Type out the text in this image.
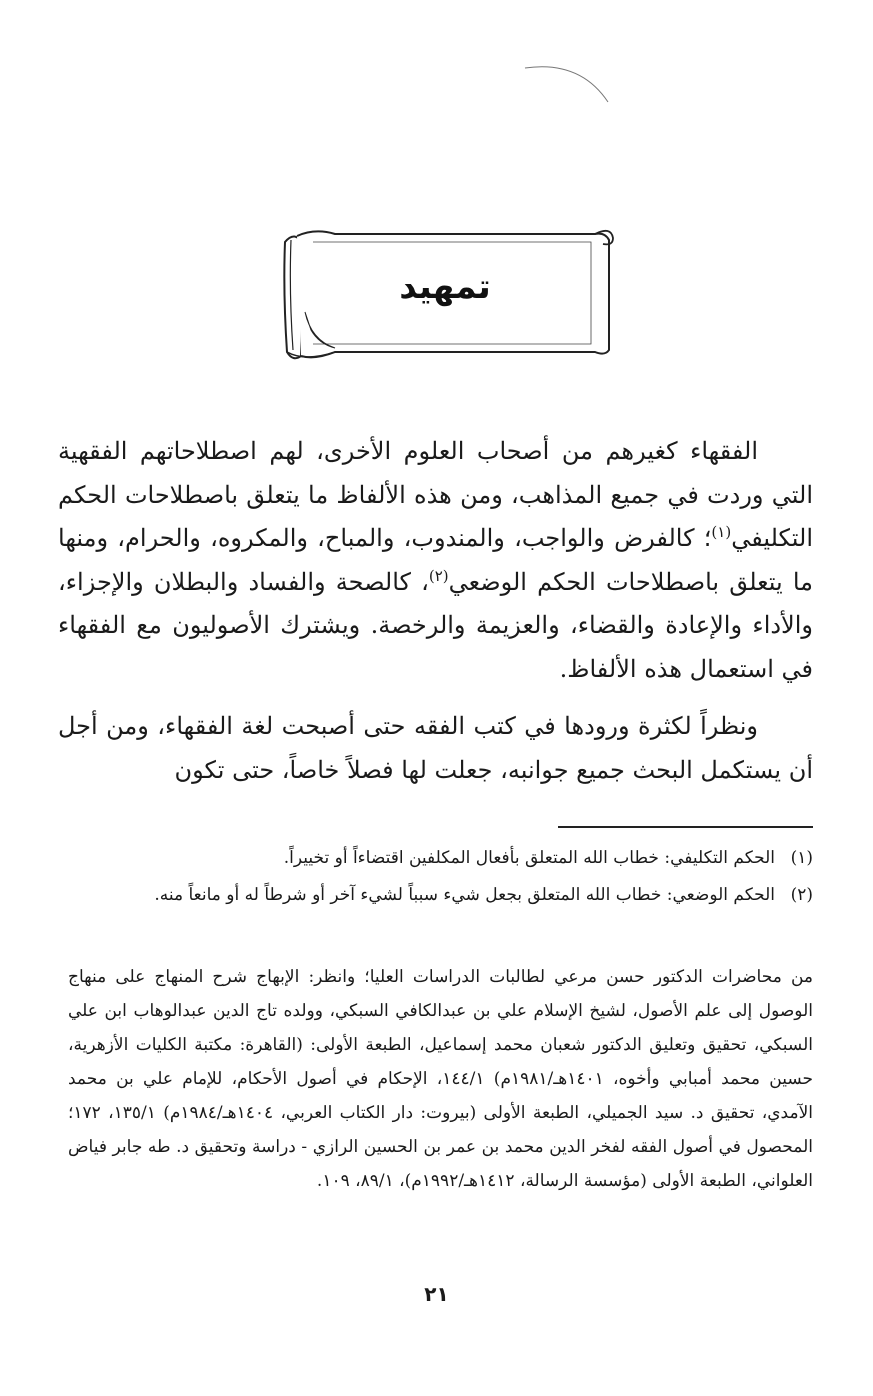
تمهيد

الفقهاء كغيرهم من أصحاب العلوم الأخرى، لهم اصطلاحاتهم الفقهية التي وردت في جميع المذاهب، ومن هذه الألفاظ ما يتعلق باصطلاحات الحكم التكليفي$^{(١)}$؛ كالفرض والواجب، والمندوب، والمباح، والمكروه، والحرام، ومنها ما يتعلق باصطلاحات الحكم الوضعي$^{(٢)}$، كالصحة والفساد والبطلان والإجزاء، والأداء والإعادة والقضاء، والعزيمة والرخصة. ويشترك الأصوليون مع الفقهاء في استعمال هذه الألفاظ.

ونظراً لكثرة ورودها في كتب الفقه حتى أصبحت لغة الفقهاء، ومن أجل أن يستكمل البحث جميع جوانبه، جعلت لها فصلاً خاصاً، حتى تكون

(١)
الحكم التكليفي: خطاب الله المتعلق بأفعال المكلفين اقتضاءاً أو تخييراً.
(٢)
الحكم الوضعي: خطاب الله المتعلق بجعل شيء سبباً لشيء آخر أو شرطاً له أو مانعاً منه.
من محاضرات الدكتور حسن مرعي لطالبات الدراسات العليا؛ وانظر: الإبهاج شرح المنهاج على منهاج الوصول إلى علم الأصول، لشيخ الإسلام علي بن عبدالكافي السبكي، وولده تاج الدين عبدالوهاب ابن علي السبكي، تحقيق وتعليق الدكتور شعبان محمد إسماعيل، الطبعة الأولى: (القاهرة: مكتبة الكليات الأزهرية، حسين محمد أمبابي وأخوه، ١٤٠١هـ/١٩٨١م) ١٤٤/١، الإحكام في أصول الأحكام، للإمام علي بن محمد الآمدي، تحقيق د. سيد الجميلي، الطبعة الأولى (بيروت: دار الكتاب العربي، ١٤٠٤هـ/١٩٨٤م) ١٣٥/١، ١٧٢؛ المحصول في أصول الفقه لفخر الدين محمد بن عمر بن الحسين الرازي - دراسة وتحقيق د. طه جابر فياض العلواني، الطبعة الأولى (مؤسسة الرسالة، ١٤١٢هـ/١٩٩٢م)، ٨٩/١، ١٠٩.
٢١
